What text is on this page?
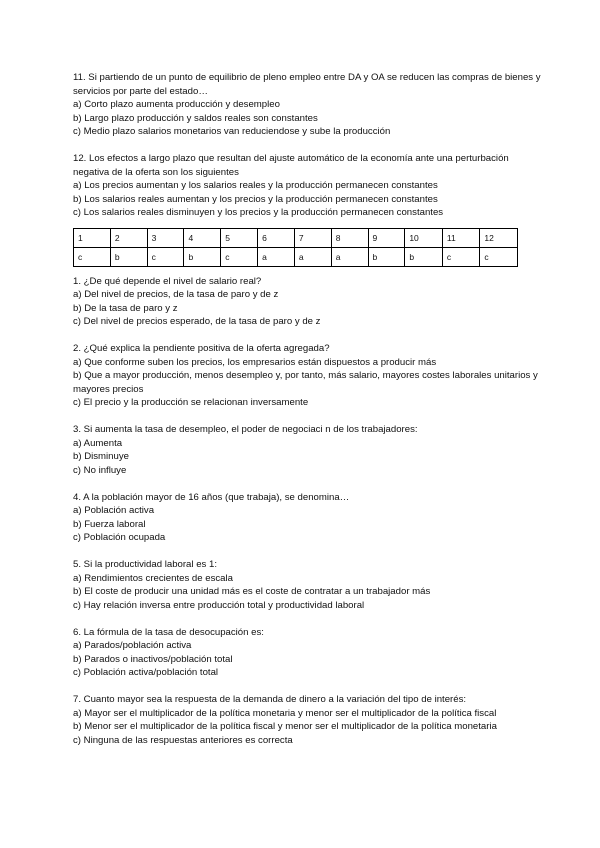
11. Si partiendo de un punto de equilibrio de pleno empleo entre DA y OA se reducen las compras de bienes y servicios por parte del estado…
a) Corto plazo aumenta producción y desempleo
b) Largo plazo producción y saldos reales son constantes
c) Medio plazo salarios monetarios van reduciendose y sube la producción
12. Los efectos a largo plazo que resultan del ajuste automático de la economía ante una perturbación negativa de la oferta son los siguientes
a) Los precios aumentan y los salarios reales y la producción permanecen constantes
b) Los salarios reales aumentan y los precios y la producción permanecen constantes
c) Los salarios reales disminuyen y los precios y la producción permanecen constantes
1	2	3	4	5	6	7	8	9	10	11	12
c	b	c	b	c	a	a	a	b	b	c	c
1. ¿De qué depende el nivel de salario real?
a) Del nivel de precios, de la tasa de paro y de z
b) De la tasa de paro y z
c) Del nivel de precios esperado, de la tasa de paro y de z
2. ¿Qué explica la pendiente positiva de la oferta agregada?
a) Que conforme suben los precios, los empresarios están dispuestos a producir más
b) Que a mayor producción, menos desempleo y, por tanto, más salario, mayores costes laborales unitarios y mayores precios
c) El precio y la producción se relacionan inversamente
3. Si aumenta la tasa de desempleo, el poder de negociaci n de los trabajadores:
a) Aumenta
b) Disminuye
c) No influye
4. A la población mayor de 16 años (que trabaja), se denomina…
a) Población activa
b) Fuerza laboral
c) Población ocupada
5. Si la productividad laboral es 1:
a) Rendimientos crecientes de escala
b) El coste de producir una unidad más es el coste de contratar a un trabajador más
c) Hay relación inversa entre producción total y productividad laboral
6. La fórmula de la tasa de desocupación es:
a) Parados/población activa
b) Parados o inactivos/población total
c) Población activa/población total
7. Cuanto mayor sea la respuesta de la demanda de dinero a la variación del tipo de interés:
a) Mayor ser el multiplicador de la política monetaria y menor ser el multiplicador de la política fiscal
b) Menor ser el multiplicador de la política fiscal y menor ser el multiplicador de la política monetaria
c) Ninguna de las respuestas anteriores es correcta
